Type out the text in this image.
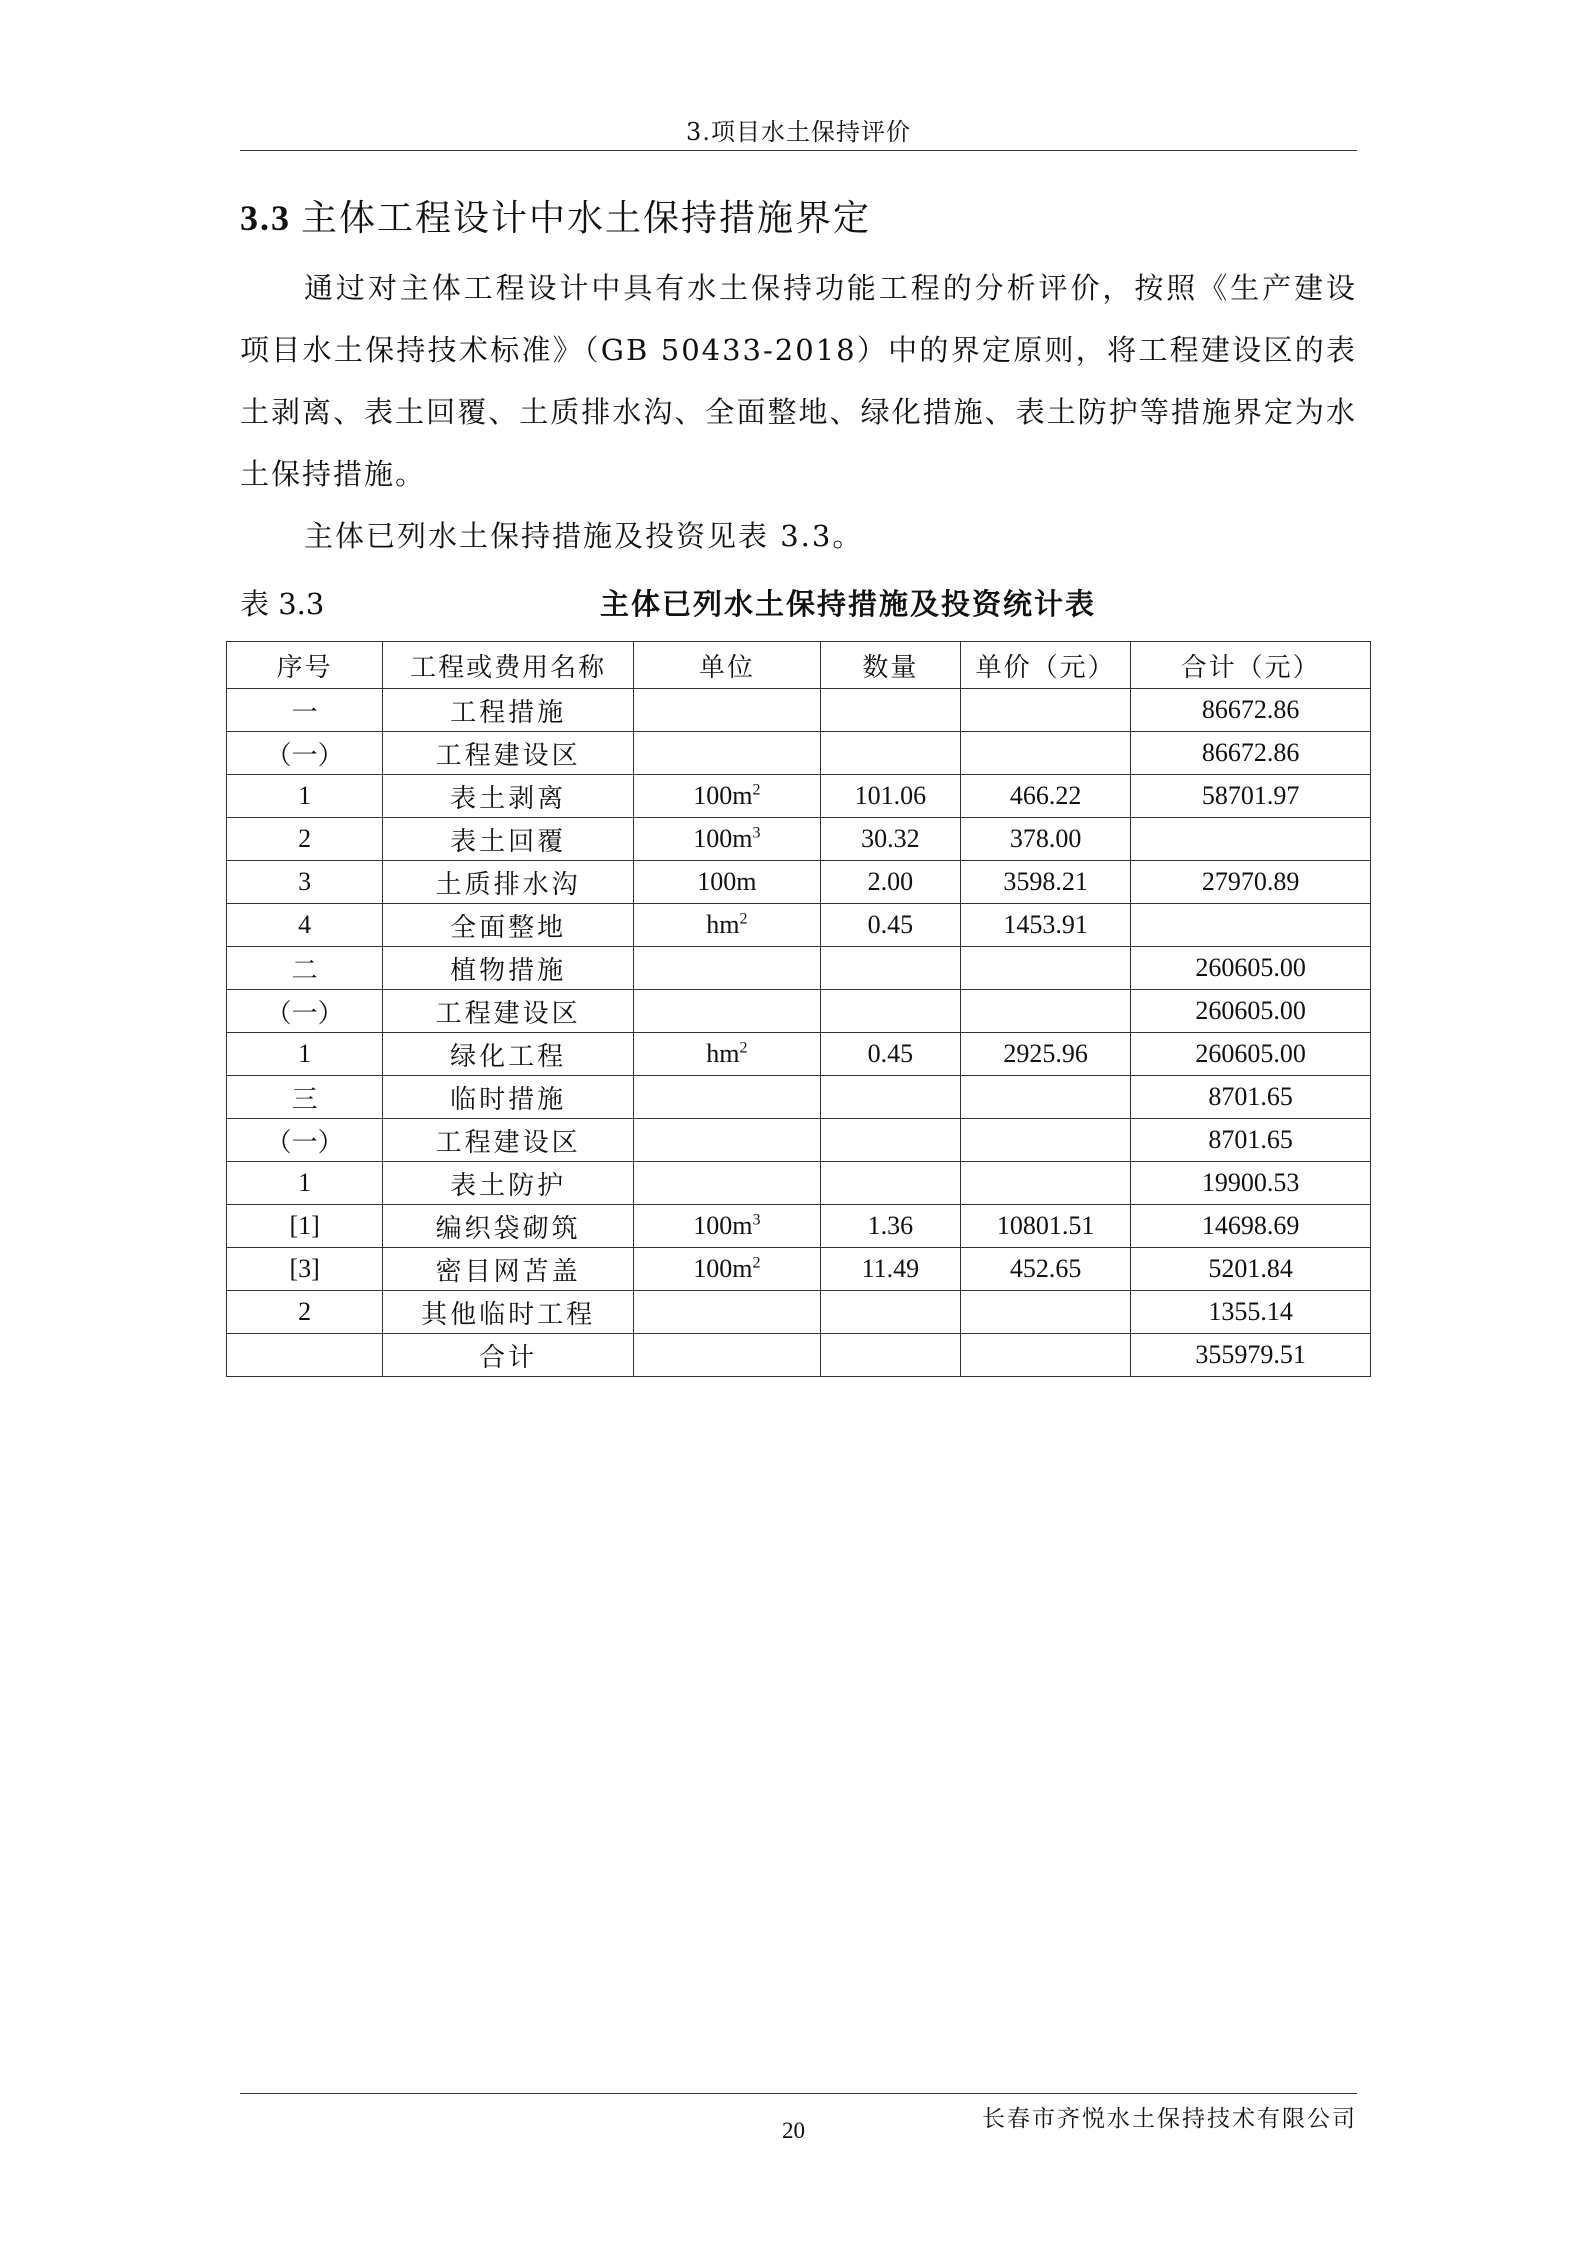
3.项目水土保持评价
3.3 主体工程设计中水土保持措施界定

通过对主体工程设计中具有水土保持功能工程的分析评价，按照《生产建设项目水土保持技术标准》（GB 50433-2018）中的界定原则，将工程建设区的表土剥离、表土回覆、土质排水沟、全面整地、绿化措施、表土防护等措施界定为水土保持措施。

主体已列水土保持措施及投资见表 3.3。

表 3.3	主体已列水土保持措施及投资统计表
序号	工程或费用名称	单位	数量	单价（元）	合计（元）
一	工程措施				86672.86
（一）	工程建设区				86672.86
1	表土剥离	$100m^2$	101.06	466.22	58701.97
2	表土回覆	$100m^3$	30.32	378.00	
3	土质排水沟	100m	2.00	3598.21	27970.89
4	全面整地	$hm^2$	0.45	1453.91	
二	植物措施				260605.00
（一）	工程建设区				260605.00
1	绿化工程	$hm^2$	0.45	2925.96	260605.00
三	临时措施				8701.65
（一）	工程建设区				8701.65
1	表土防护				19900.53
[1]	编织袋砌筑	$100m^3$	1.36	10801.51	14698.69
[3]	密目网苫盖	$100m^2$	11.49	452.65	5201.84
2	其他临时工程				1355.14
	合计				355979.51
长春市齐悦水土保持技术有限公司
20
